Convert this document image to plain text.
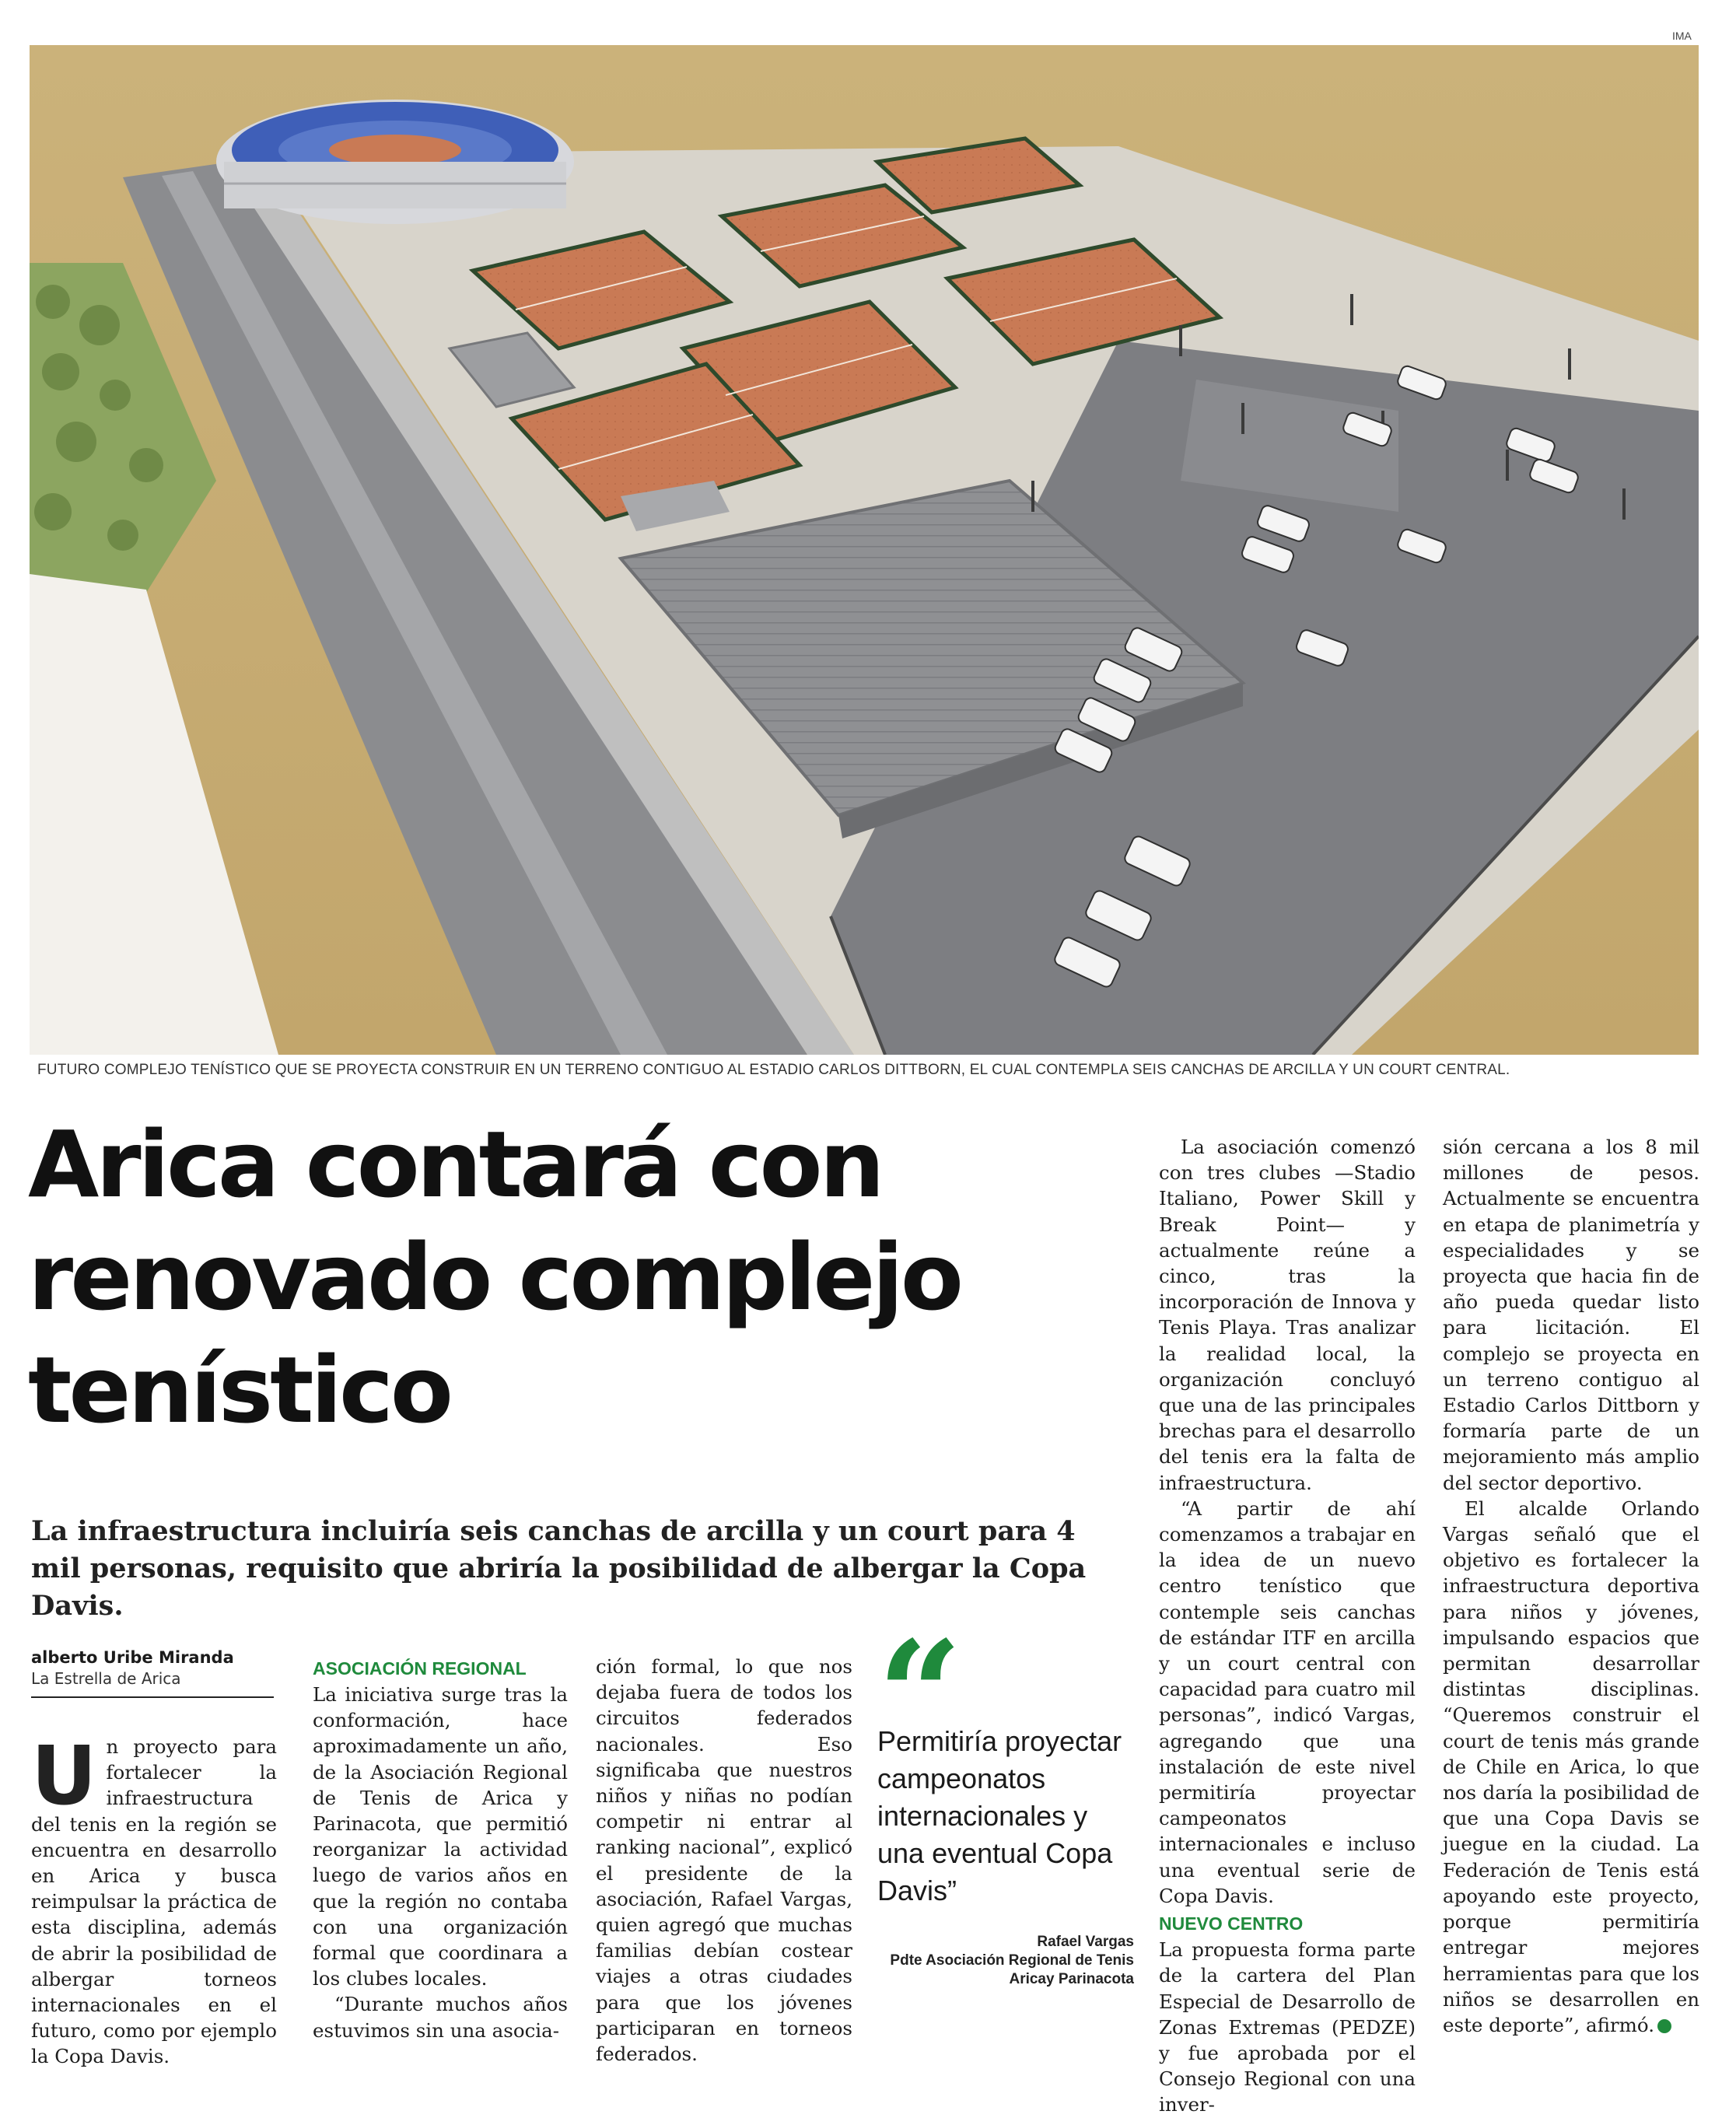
IMA
FUTURO COMPLEJO TENÍSTICO QUE SE PROYECTA CONSTRUIR EN UN TERRENO CONTIGUO AL ESTADIO CARLOS DITTBORN, EL CUAL CONTEMPLA SEIS CANCHAS DE ARCILLA Y UN COURT CENTRAL.
Arica contará con renovado complejo tenístico

La infraestructura incluiría seis canchas de arcilla y un court para 4 mil personas, requisito que abriría la posibilidad de albergar la Copa Davis.

alberto Uribe Miranda
La Estrella de Arica

Un proyecto para fortalecer la infraestructura del tenis en la región se encuentra en desarrollo en Arica y busca reimpulsar la práctica de esta disciplina, además de abrir la posibilidad de albergar torneos internacionales en el futuro, como por ejemplo la Copa Davis.

ASOCIACIÓN REGIONAL

La iniciativa surge tras la conformación, hace aproximadamente un año, de la Asociación Regional de Tenis de Arica y Parinacota, que permitió reorganizar la actividad luego de varios años en que la región no contaba con una organización formal que coordinara a los clubes locales.

“Durante muchos años estuvimos sin una asocia-

ción formal, lo que nos dejaba fuera de todos los circuitos federados nacionales. Eso significaba que nuestros niños y niñas no podían competir ni entrar al ranking nacional”, explicó el presidente de la asociación, Rafael Vargas, quien agregó que muchas familias debían costear viajes a otras ciudades para que los jóvenes participaran en torneos federados.

Permitiría proyectar campeonatos internacionales y una eventual Copa Davis”
Rafael Vargas
Pdte Asociación Regional de Tenis Aricay Parinacota

La asociación comenzó con tres clubes —Stadio Italiano, Power Skill y Break Point— y actualmente reúne a cinco, tras la incorporación de Innova y Tenis Playa. Tras analizar la realidad local, la organización concluyó que una de las principales brechas para el desarrollo del tenis era la falta de infraestructura.

“A partir de ahí comenzamos a trabajar en la idea de un nuevo centro tenístico que contemple seis canchas de estándar ITF en arcilla y un court central con capacidad para cuatro mil personas”, indicó Vargas, agregando que una instalación de este nivel permitiría proyectar campeonatos internacionales e incluso una eventual serie de Copa Davis.

NUEVO CENTRO

La propuesta forma parte de la cartera del Plan Especial de Desarrollo de Zonas Extremas (PEDZE) y fue aprobada por el Consejo Regional con una inver-

sión cercana a los 8 mil millones de pesos. Actualmente se encuentra en etapa de planimetría y especialidades y se proyecta que hacia fin de año pueda quedar listo para licitación. El complejo se proyecta en un terreno contiguo al Estadio Carlos Dittborn y formaría parte de un mejoramiento más amplio del sector deportivo.

El alcalde Orlando Vargas señaló que el objetivo es fortalecer la infraestructura deportiva para niños y jóvenes, impulsando espacios que permitan desarrollar distintas disciplinas. “Queremos construir el court de tenis más grande de Chile en Arica, lo que nos daría la posibilidad de que una Copa Davis se juegue en la ciudad. La Federación de Tenis está apoyando este proyecto, porque permitiría entregar mejores herramientas para que los niños se desarrollen en este deporte”, afirmó.
